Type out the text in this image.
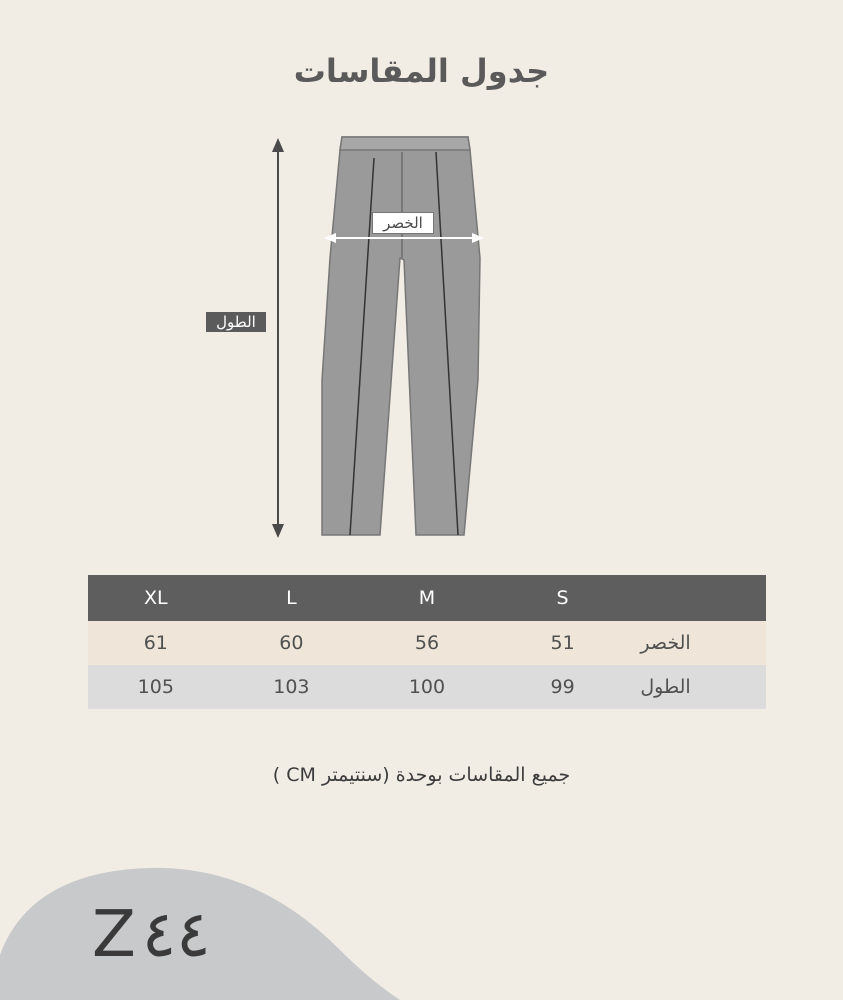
جدول المقاسات
الخصر
الطول
XL	L	M	S	
61	60	56	51	الخصر
105	103	100	99	الطول
جميع المقاسات بوحدة (سنتيمتر CM )
Z٤٤
